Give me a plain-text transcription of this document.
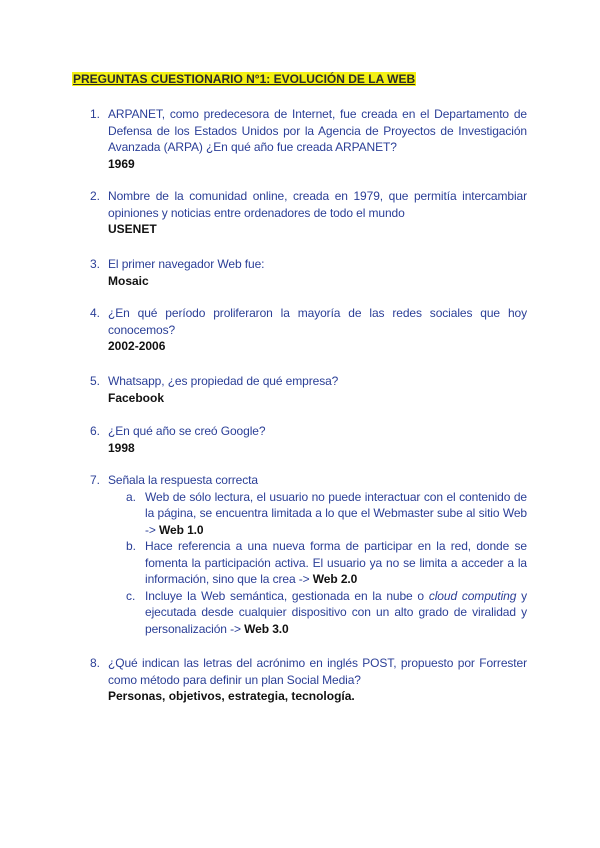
PREGUNTAS CUESTIONARIO N°1: EVOLUCIÓN DE LA WEB
1. ARPANET, como predecesora de Internet, fue creada en el Departamento de Defensa de los Estados Unidos por la Agencia de Proyectos de Investigación Avanzada (ARPA) ¿En qué año fue creada ARPANET?
1969
2. Nombre de la comunidad online, creada en 1979, que permitía intercambiar opiniones y noticias entre ordenadores de todo el mundo
USENET
3. El primer navegador Web fue:
Mosaic
4. ¿En qué período proliferaron la mayoría de las redes sociales que hoy conocemos?
2002-2006
5. Whatsapp, ¿es propiedad de qué empresa?
Facebook
6. ¿En qué año se creó Google?
1998
7. Señala la respuesta correcta
a. Web de sólo lectura, el usuario no puede interactuar con el contenido de la página, se encuentra limitada a lo que el Webmaster sube al sitio Web -> Web 1.0
b. Hace referencia a una nueva forma de participar en la red, donde se fomenta la participación activa. El usuario ya no se limita a acceder a la información, sino que la crea -> Web 2.0
c. Incluye la Web semántica, gestionada en la nube o cloud computing y ejecutada desde cualquier dispositivo con un alto grado de viralidad y personalización -> Web 3.0
8. ¿Qué indican las letras del acrónimo en inglés POST, propuesto por Forrester como método para definir un plan Social Media?
Personas, objetivos, estrategia, tecnología.
